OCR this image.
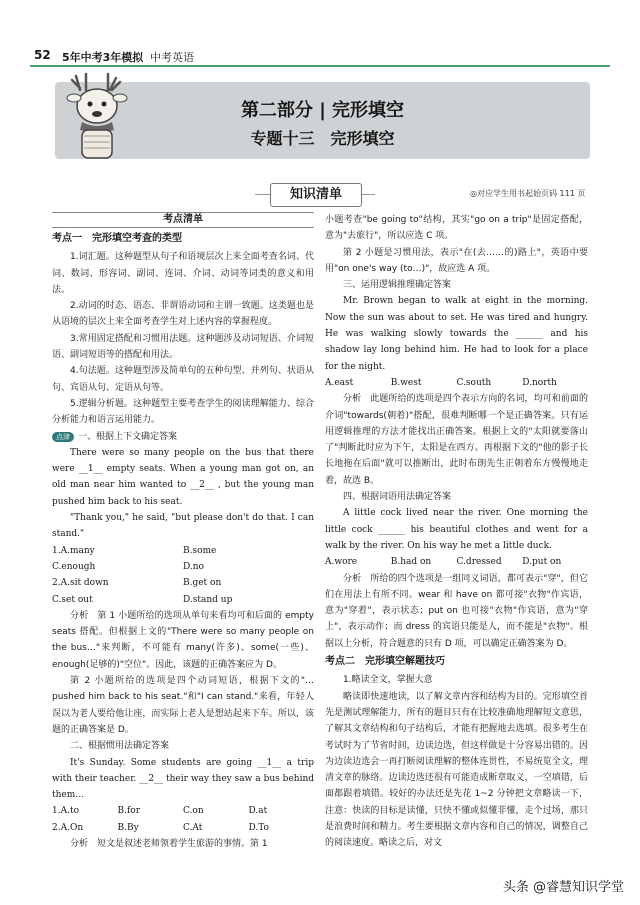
52 5年中考3年模拟 中考英语
第二部分 | 完形填空
专题十三　完形填空
知识清单	◎对应学生用书起始页码 111 页
考点清单

考点一　完形填空考查的类型

1.词汇题。这种题型从句子和语境层次上来全面考查名词、代词、数词、形容词、副词、连词、介词、动词等词类的意义和用法。

2.动词的时态、语态、非谓语动词和主谓一致题。这类题也是从语境的层次上来全面考查学生对上述内容的掌握程度。

3.常用固定搭配和习惯用法题。这种题涉及动词短语、介词短语、副词短语等的搭配和用法。

4.句法题。这种题型涉及简单句的五种句型、并列句、状语从句、宾语从句、定语从句等。

5.逻辑分析题。这种题型主要考查学生的阅读理解能力、综合分析能力和语言运用能力。

点津 一、根据上下文确定答案

There were so many people on the bus that there were __1__ empty seats. When a young man got on, an old man near him wanted to __2__ , but the young man pushed him back to his seat.

"Thank you," he said, "but please don't do that. I can stand."

1.A.many	B.some
C.enough	D.no
2.A.sit down	B.get on
C.set out	D.stand up

分析　第 1 小题所给的选项从单句来看均可和后面的 empty seats 搭配。但根据上文的"There were so many people on the bus…"来判断，不可能有 many(许多)、some(一些)、enough(足够的)"空位"。因此，该题的正确答案应为 D。

第 2 小题所给的选项是四个动词短语，根据下文的"…pushed him back to his seat."和"I can stand."来看，年轻人误以为老人要给他让座，而实际上老人是想站起来下车。所以，该题的正确答案是 D。

二、根据惯用法确定答案

It's Sunday. Some students are going __1__ a trip with their teacher. __2__ their way they saw a bus behind them…

1.A.to	B.for	C.on	D.at
2.A.On	B.By	C.At	D.To

分析　短文是叙述老师领着学生旅游的事情。第 1

小题考查"be going to"结构，其实"go on a trip"是固定搭配，意为"去旅行"，所以应选 C 项。

第 2 小题是习惯用法，表示"在(去……的)路上"，英语中要用"on one's way (to…)"，故应选 A 项。

三、运用逻辑推理确定答案

Mr. Brown began to walk at eight in the morning. Now the sun was about to set. He was tired and hungry. He was walking slowly towards the ______ and his shadow lay long behind him. He had to look for a place for the night.

A.east	B.west	C.south	D.north

分析　此题所给的选项是四个表示方向的名词，均可和前面的介词"towards(朝着)"搭配，很难判断哪一个是正确答案。只有运用逻辑推理的方法才能找出正确答案。根据上文的"太阳就要落山了"判断此时应为下午，太阳是在西方。再根据下文的"他的影子长长地拖在后面"就可以推断出，此时布朗先生正朝着东方慢慢地走着，故选 B。

四、根据词语用法确定答案

A little cock lived near the river. One morning the little cock ______ his beautiful clothes and went for a walk by the river. On his way he met a little duck.

A.wore	B.had on	C.dressed	D.put on

分析　所给的四个选项是一组同义词语，都可表示"穿"，但它们在用法上有所不同。wear 和 have on 都可接"衣物"作宾语，意为"穿着"，表示状态；put on 也可接"衣物"作宾语，意为"穿上"，表示动作；而 dress 的宾语只能是人，而不能是"衣物"。根据以上分析，符合题意的只有 D 项，可以确定正确答案为 D。

考点二　完形填空解题技巧

1.略读全文，掌握大意

略读即快速地读，以了解文章内容和结构为目的。完形填空首先是测试理解能力，所有的题目只有在比较准确地理解短文意思，了解其文章结构和句子结构后，才能有把握地去选填。很多考生在考试时为了节省时间，边读边选，但这样做是十分容易出错的。因为边读边选会一再打断阅读理解的整体连贯性，不易统览全文，理清文章的脉络。边读边选还很有可能造成断章取义，一空填错，后面都跟着填错。较好的办法还是先花 1~2 分钟把文章略读一下，注意：快读的目标是读懂，只快不懂或似懂非懂，走个过场，那只是浪费时间和精力。考生要根据文章内容和自己的情况，调整自己的阅读速度。略读之后，对文

头条 @睿慧知识学堂
